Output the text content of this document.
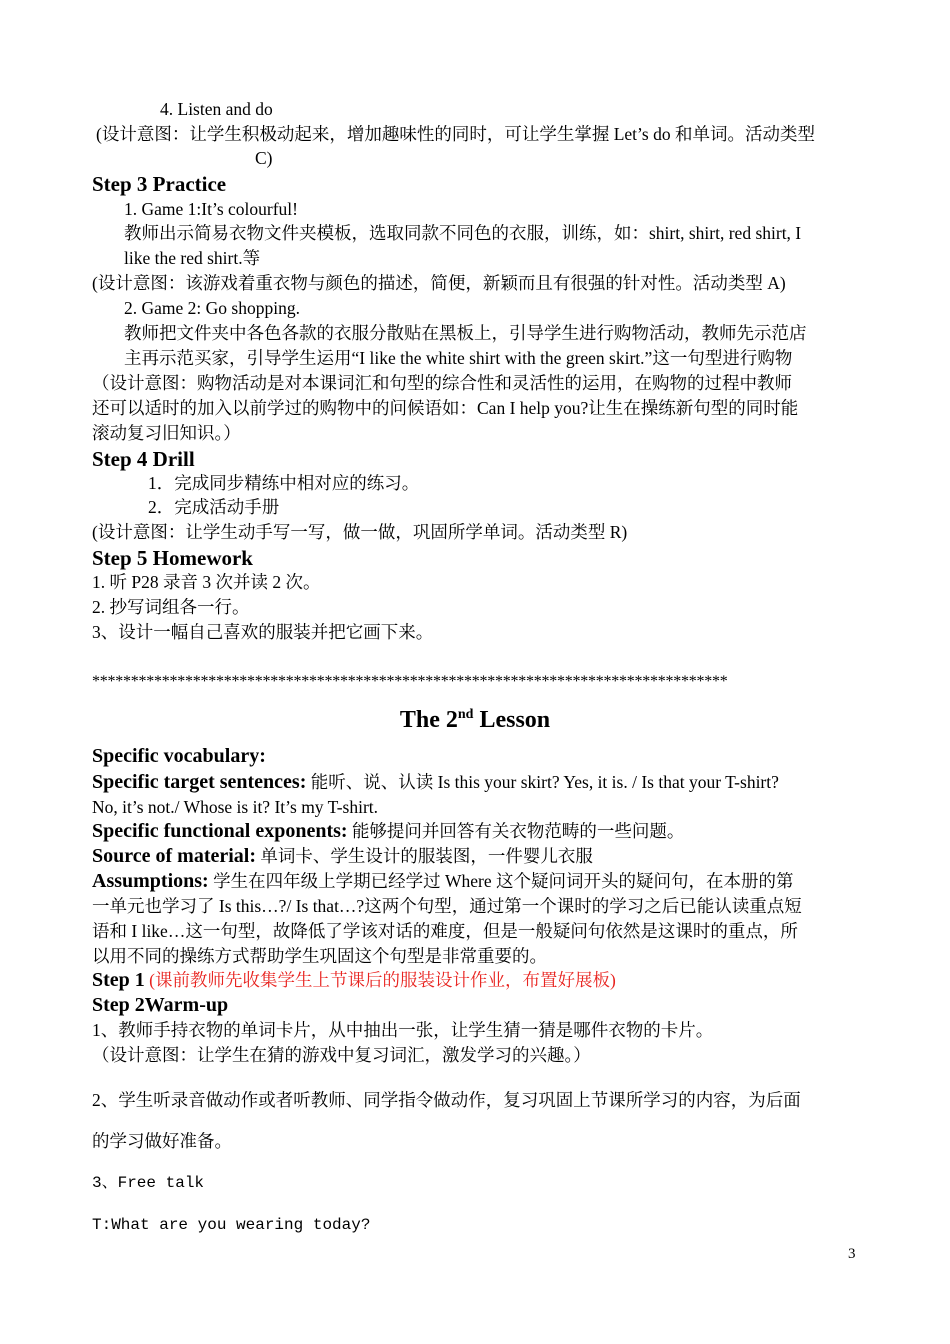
4. Listen and do
(设计意图：让学生积极动起来，增加趣味性的同时，可让学生掌握 Let’s do 和单词。活动类型
C)
Step 3 Practice
1. Game 1:It’s colourful!
教师出示简易衣物文件夹模板，选取同款不同色的衣服，训练，如：shirt, shirt, red shirt, I
like the red shirt.等
(设计意图：该游戏着重衣物与颜色的描述，简便，新颖而且有很强的针对性。活动类型 A)
2. Game 2: Go shopping.
教师把文件夹中各色各款的衣服分散贴在黑板上，引导学生进行购物活动，教师先示范店
主再示范买家，引导学生运用“I like the white shirt with the green skirt.”这一句型进行购物
（设计意图：购物活动是对本课词汇和句型的综合性和灵活性的运用，在购物的过程中教师
还可以适时的加入以前学过的购物中的问候语如：Can I help you?让生在操练新句型的同时能
滚动复习旧知识。）
Step 4 Drill
1．完成同步精练中相对应的练习。
2．完成活动手册
(设计意图：让学生动手写一写，做一做，巩固所学单词。活动类型 R)
Step 5 Homework
1. 听 P28 录音 3 次并读 2 次。
2. 抄写词组各一行。
3、设计一幅自己喜欢的服装并把它画下来。
**********************************************************************************
The 2nd Lesson
Specific vocabulary:
Specific target sentences: 能听、说、认读 Is this your skirt? Yes, it is. / Is that your T-shirt?
No, it’s not./ Whose is it? It’s my T-shirt.
Specific functional exponents: 能够提问并回答有关衣物范畴的一些问题。
Source of material: 单词卡、学生设计的服装图，一件婴儿衣服
Assumptions: 学生在四年级上学期已经学过 Where 这个疑问词开头的疑问句，在本册的第
一单元也学习了 Is this…?/ Is that…?这两个句型，通过第一个课时的学习之后已能认读重点短
语和 I like…这一句型，故降低了学该对话的难度，但是一般疑问句依然是这课时的重点，所
以用不同的操练方式帮助学生巩固这个句型是非常重要的。
Step 1 (课前教师先收集学生上节课后的服装设计作业，布置好展板)
Step 2Warm-up
1、教师手持衣物的单词卡片，从中抽出一张，让学生猜一猜是哪件衣物的卡片。
（设计意图：让学生在猜的游戏中复习词汇，激发学习的兴趣。）
2、学生听录音做动作或者听教师、同学指令做动作，复习巩固上节课所学习的内容，为后面
的学习做好准备。
3、Free talk
T:What are you wearing today?
3
